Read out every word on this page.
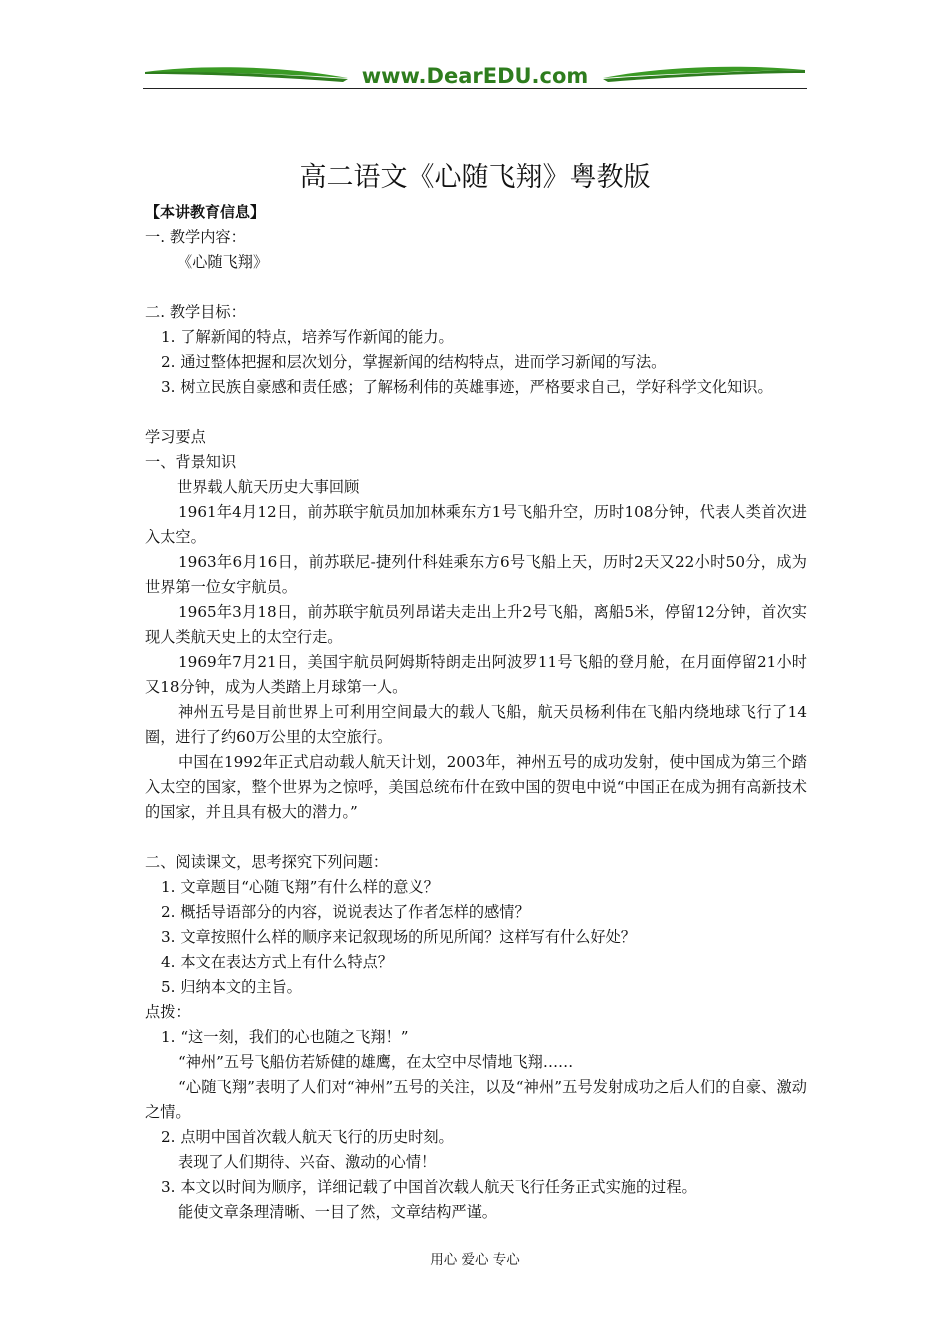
www.DearEDU.com
高二语文《心随飞翔》粤教版
【本讲教育信息】
一. 教学内容：
《心随飞翔》
二. 教学目标：
1. 了解新闻的特点，培养写作新闻的能力。
2. 通过整体把握和层次划分，掌握新闻的结构特点，进而学习新闻的写法。
3. 树立民族自豪感和责任感；了解杨利伟的英雄事迹，严格要求自己，学好科学文化知识。
学习要点
一、背景知识
世界载人航天历史大事回顾
1961年4月12日，前苏联宇航员加加林乘东方1号飞船升空，历时108分钟，代表人类首次进入太空。
1963年6月16日，前苏联尼-捷列什科娃乘东方6号飞船上天，历时2天又22小时50分，成为世界第一位女宇航员。
1965年3月18日，前苏联宇航员列昂诺夫走出上升2号飞船，离船5米，停留12分钟，首次实现人类航天史上的太空行走。
1969年7月21日，美国宇航员阿姆斯特朗走出阿波罗11号飞船的登月舱，在月面停留21小时又18分钟，成为人类踏上月球第一人。
神州五号是目前世界上可利用空间最大的载人飞船，航天员杨利伟在飞船内绕地球飞行了14圈，进行了约60万公里的太空旅行。
中国在1992年正式启动载人航天计划，2003年，神州五号的成功发射，使中国成为第三个踏入太空的国家，整个世界为之惊呼，美国总统布什在致中国的贺电中说“中国正在成为拥有高新技术的国家，并且具有极大的潜力。”
二、阅读课文，思考探究下列问题：
1. 文章题目“心随飞翔”有什么样的意义？
2. 概括导语部分的内容，说说表达了作者怎样的感情？
3. 文章按照什么样的顺序来记叙现场的所见所闻？这样写有什么好处？
4. 本文在表达方式上有什么特点？
5. 归纳本文的主旨。
点拨：
1. “这一刻，我们的心也随之飞翔！”
“神州”五号飞船仿若矫健的雄鹰，在太空中尽情地飞翔……
“心随飞翔”表明了人们对“神州”五号的关注，以及“神州”五号发射成功之后人们的自豪、激动之情。
2. 点明中国首次载人航天飞行的历史时刻。
表现了人们期待、兴奋、激动的心情！
3. 本文以时间为顺序，详细记载了中国首次载人航天飞行任务正式实施的过程。
能使文章条理清晰、一目了然，文章结构严谨。
用心 爱心 专心
